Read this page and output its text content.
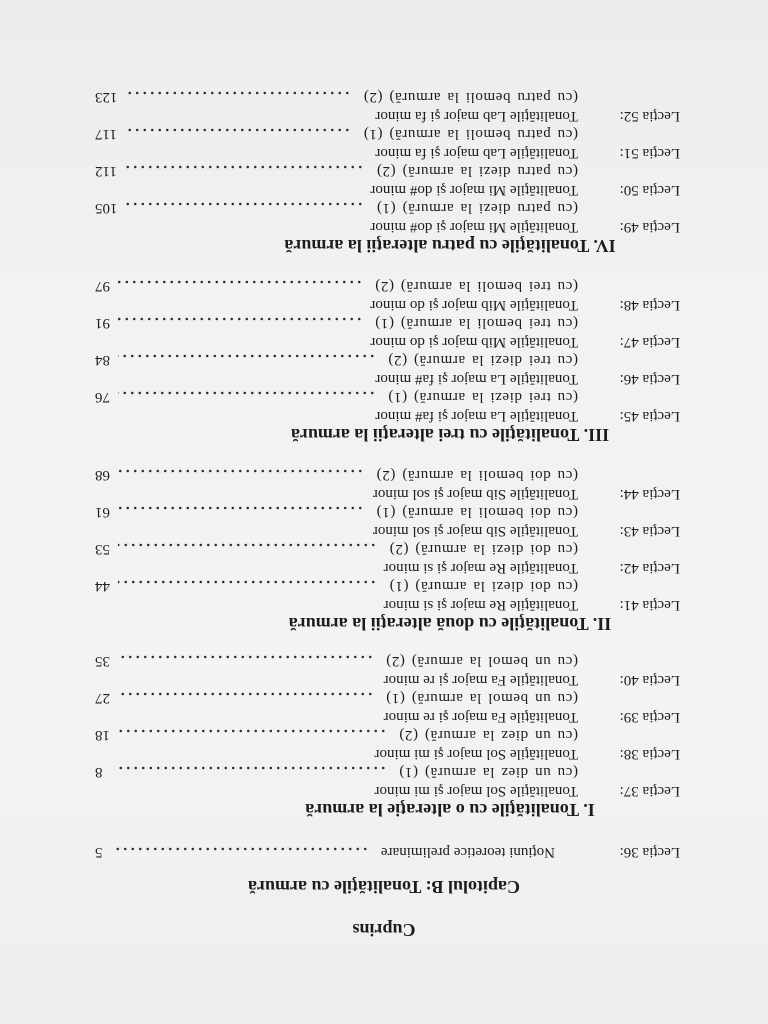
Cuprins
Capitolul B: Tonalităţile cu armură
Lecţia 36:
Noţiuni teoretice preliminare
5
I. Tonalităţile cu o alteraţie la armură
Lecţia 37:
Tonalităţile Sol major şi mi minor
(cu un diez la armură) (1)
8
Lecţia 38:
Tonalităţile Sol major şi mi minor
(cu un diez la armură) (2)
18
Lecţia 39:
Tonalităţile Fa major şi re minor
(cu un bemol la armură) (1)
27
Lecţia 40:
Tonalităţile Fa major şi re minor
(cu un bemol la armură) (2)
35
II. Tonalităţile cu două alteraţii la armură
Lecţia 41:
Tonalităţile Re major şi si minor
(cu doi diezi la armură) (1)
44
Lecţia 42:
Tonalităţile Re major şi si minor
(cu doi diezi la armură) (2)
53
Lecţia 43:
Tonalităţile Sib major şi sol minor
(cu doi bemoli la armură) (1)
61
Lecţia 44:
Tonalităţile Sib major şi sol minor
(cu doi bemoli la armură) (2)
68
III. Tonalităţile cu trei alteraţii la armură
Lecţia 45:
Tonalităţile La major şi fa# minor
(cu trei diezi la armură) (1)
76
Lecţia 46:
Tonalităţile La major şi fa# minor
(cu trei diezi la armură) (2)
84
Lecţia 47:
Tonalităţile Mib major şi do minor
(cu trei bemoli la armură) (1)
91
Lecţia 48:
Tonalităţile Mib major şi do minor
(cu trei bemoli la armură) (2)
97
IV. Tonalităţile cu patru alteraţii la armură
Lecţia 49:
Tonalităţile Mi major şi do# minor
(cu patru diezi la armură) (1)
105
Lecţia 50:
Tonalităţile Mi major şi do# minor
(cu patru diezi la armură) (2)
112
Lecţia 51:
Tonalităţile Lab major şi fa minor
(cu patru bemoli la armură) (1)
117
Lecţia 52:
Tonalităţile Lab major şi fa minor
(cu patru bemoli la armură) (2)
123
